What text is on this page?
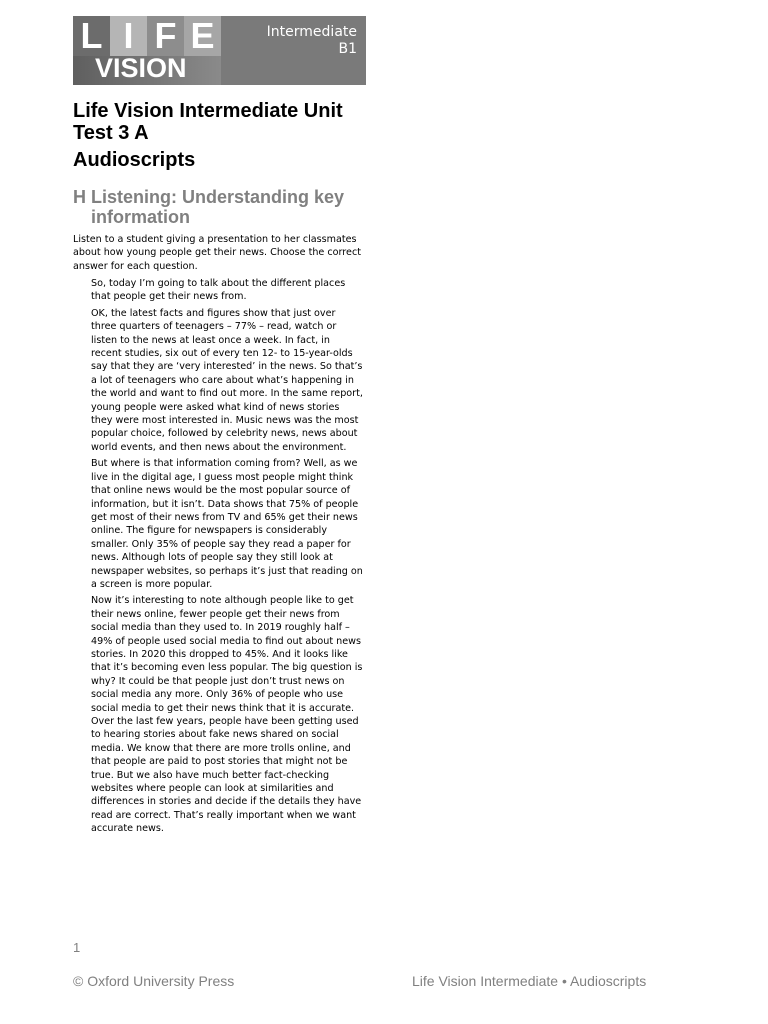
L I F E
VISION
Intermediate
B1
Life Vision Intermediate Unit Test 3 A
Audioscripts
H Listening: Understanding key information

Listen to a student giving a presentation to her classmates about how young people get their news. Choose the correct answer for each question.

So, today I’m going to talk about the different places that people get their news from.

OK, the latest facts and figures show that just over three quarters of teenagers – 77% – read, watch or listen to the news at least once a week. In fact, in recent studies, six out of every ten 12- to 15-year-olds say that they are ‘very interested’ in the news. So that’s a lot of teenagers who care about what’s happening in the world and want to find out more. In the same report, young people were asked what kind of news stories they were most interested in. Music news was the most popular choice, followed by celebrity news, news about world events, and then news about the environment.

But where is that information coming from? Well, as we live in the digital age, I guess most people might think that online news would be the most popular source of information, but it isn’t. Data shows that 75% of people get most of their news from TV and 65% get their news online. The figure for newspapers is considerably smaller. Only 35% of people say they read a paper for news. Although lots of people say they still look at newspaper websites, so perhaps it’s just that reading on a screen is more popular.

Now it’s interesting to note although people like to get their news online, fewer people get their news from social media than they used to. In 2019 roughly half – 49% of people used social media to find out about news stories. In 2020 this dropped to 45%. And it looks like that it’s becoming even less popular. The big question is why? It could be that people just don’t trust news on social media any more. Only 36% of people who use social media to get their news think that it is accurate. Over the last few years, people have been getting used to hearing stories about fake news shared on social media. We know that there are more trolls online, and that people are paid to post stories that might not be true. But we also have much better fact-checking websites where people can look at similarities and differences in stories and decide if the details they have read are correct. That’s really important when we want accurate news.

1
© Oxford University Press	Life Vision Intermediate • Audioscripts
